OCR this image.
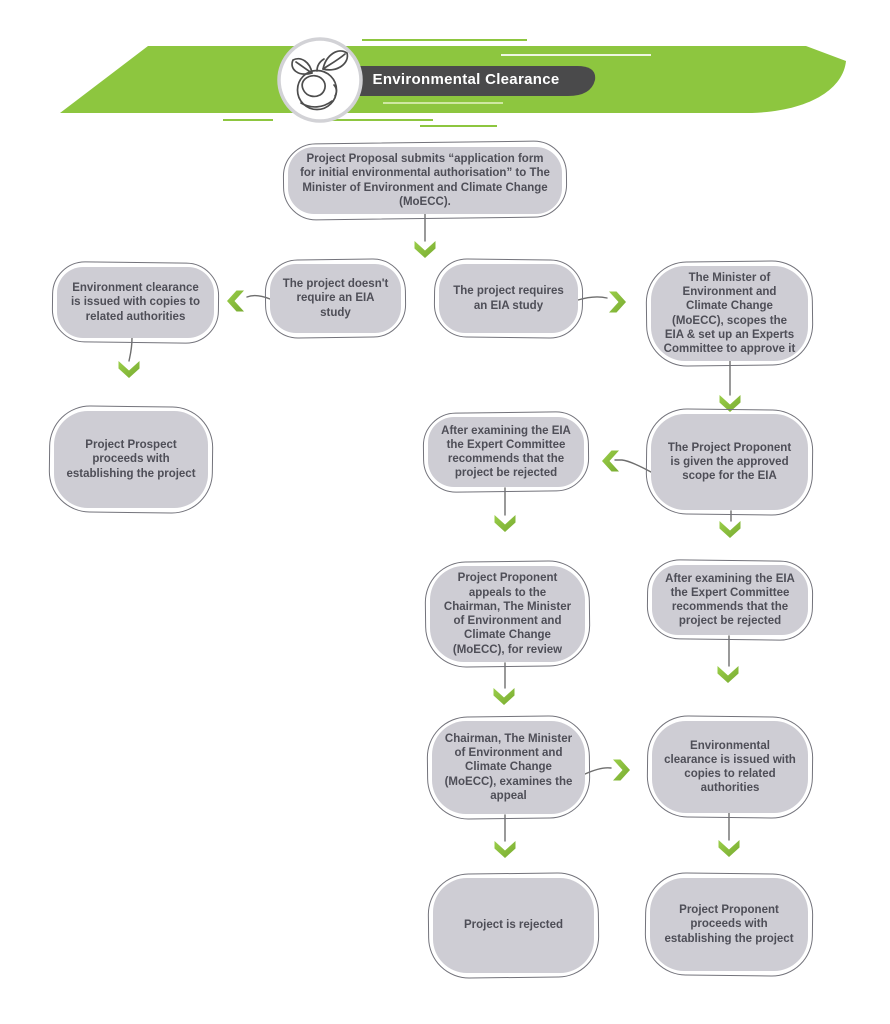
Environmental Clearance
Project Proposal submits “application form for initial environmental authorisation” to The Minister of Environment and Climate Change (MoECC).
Environment clearance is issued with copies to related authorities
The project doesn't require an EIA study
The project requires an EIA study
The Minister of Environment and Climate Change (MoECC), scopes the EIA & set up an Experts Committee to approve it
Project Prospect proceeds with establishing the project
After examining the EIA the Expert Committee recommends that the project be rejected
The Project Proponent is given the approved scope for the EIA
Project Proponent appeals to the Chairman, The Minister of Environment and Climate Change (MoECC), for review
After examining the EIA the Expert Committee recommends that the project be rejected
Chairman, The Minister of Environment and Climate Change (MoECC), examines the appeal
Environmental clearance is issued with copies to related authorities
Project is rejected
Project Proponent proceeds with establishing the project
